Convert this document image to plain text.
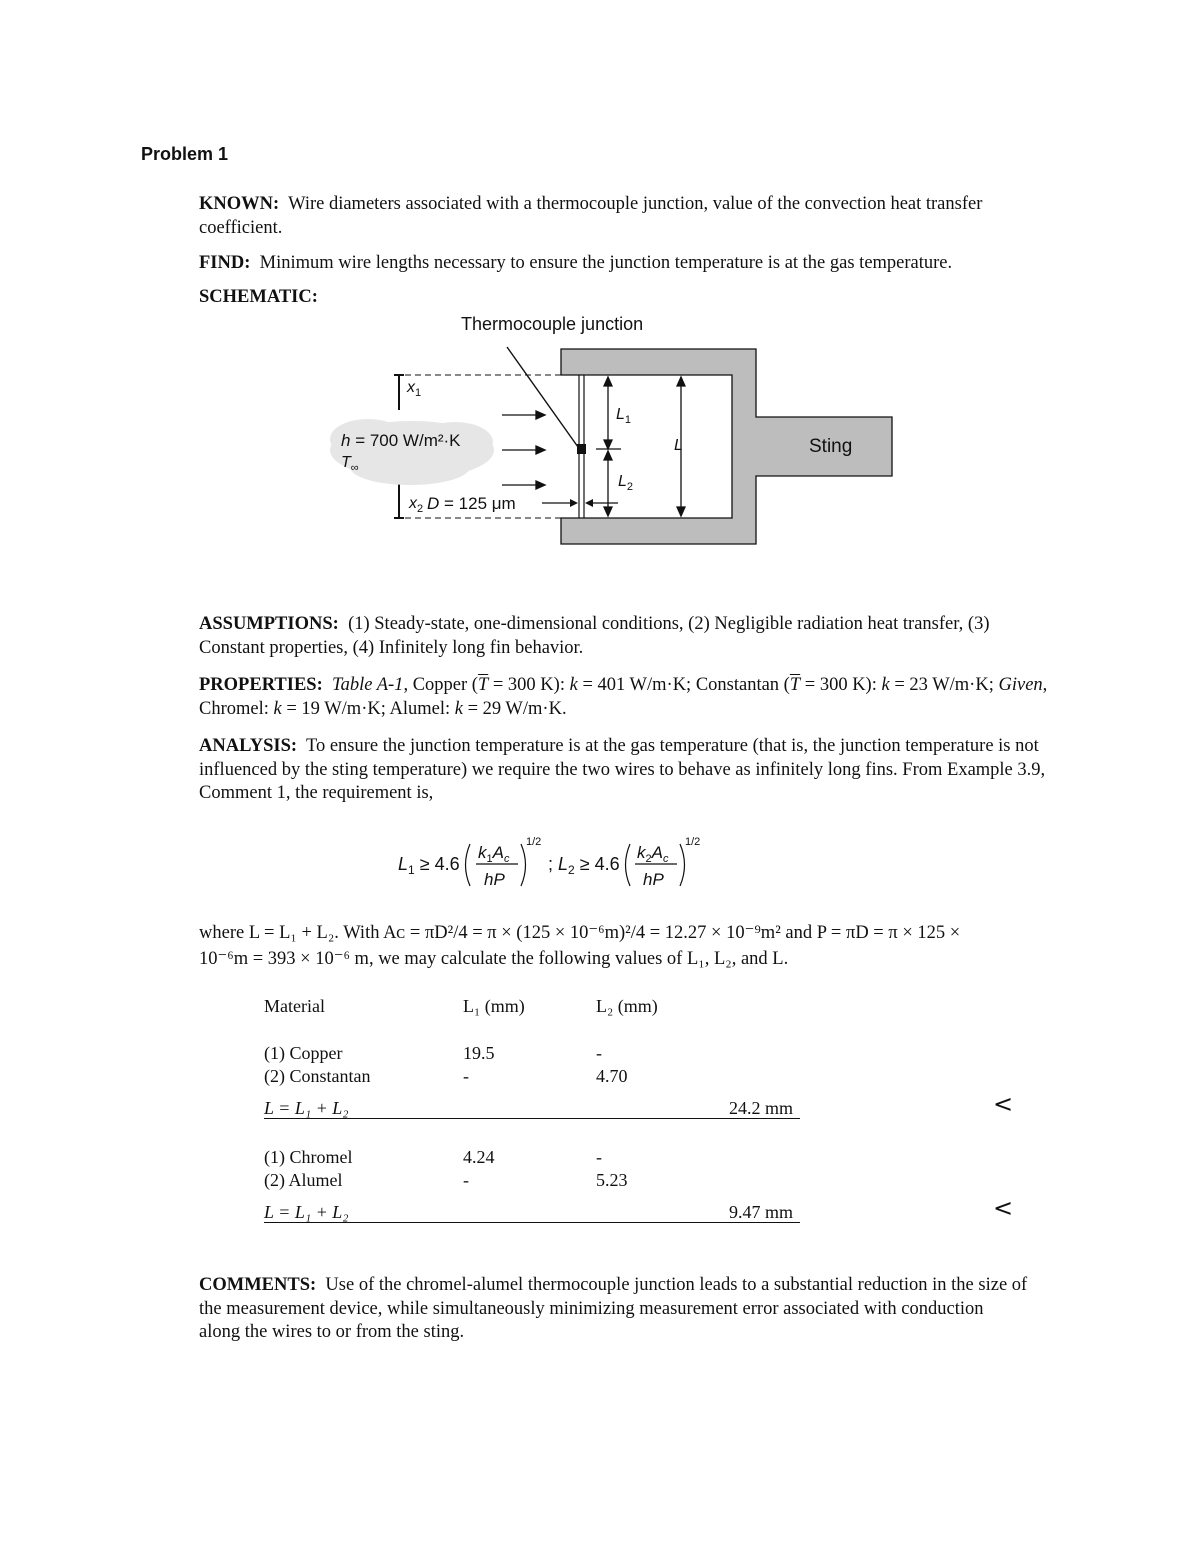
Problem 1
KNOWN: Wire diameters associated with a thermocouple junction, value of the convection heat transfer coefficient.
FIND: Minimum wire lengths necessary to ensure the junction temperature is at the gas temperature.
SCHEMATIC:
Thermocouple junction
Sting
$x_1$
$x_2$
h = 700 W/m²·K
$T_\infty$
D = 125 μm
$L_1$
$L_2$
L
ASSUMPTIONS: (1) Steady-state, one-dimensional conditions, (2) Negligible radiation heat transfer, (3) Constant properties, (4) Infinitely long fin behavior.
PROPERTIES: Table A-1, Copper ($\overline{T} = 300$ K): k = 401 W/m·K; Constantan ($\overline{T} = 300$ K): k = 23 W/m·K; Given, Chromel: k = 19 W/m·K; Alumel: k = 29 W/m·K.
ANALYSIS: To ensure the junction temperature is at the gas temperature (that is, the junction temperature is not influenced by the sting temperature) we require the two wires to behave as infinitely long fins. From Example 3.9, Comment 1, the requirement is,
$L_1 \ge 4.6$
$k_1A_c$
hP
1/2
; $L_2 \ge 4.6$
$k_2A_c$
hP
1/2
where L = L₁ + L₂. With Aᴄ = πD²/4 = π × (125 × 10⁻⁶m)²/4 = 12.27 × 10⁻⁹m² and P = πD = π × 125 ×
10⁻⁶m = 393 × 10⁻⁶ m, we may calculate the following values of L₁, L₂, and L.
Material	L₁ (mm)	L₂ (mm)
(1) Copper	19.5	-
(2) Constantan	-	4.70
L = L₁ + L₂	24.2 mm	<
(1) Chromel	4.24	-
(2) Alumel	-	5.23
L = L₁ + L₂	9.47 mm	<
COMMENTS: Use of the chromel-alumel thermocouple junction leads to a substantial reduction in the size of the measurement device, while simultaneously minimizing measurement error associated with conduction along the wires to or from the sting.
